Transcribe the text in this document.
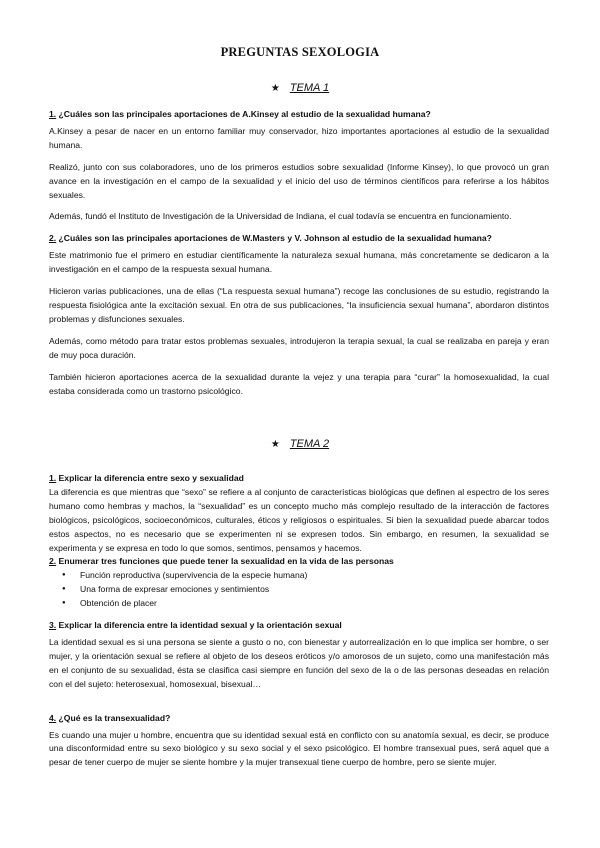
PREGUNTAS SEXOLOGIA
★ TEMA 1

1. ¿Cuáles son las principales aportaciones de A.Kinsey al estudio de la sexualidad humana?

A.Kinsey a pesar de nacer en un entorno familiar muy conservador, hizo importantes aportaciones al estudio de la sexualidad humana.

Realizó, junto con sus colaboradores, uno de los primeros estudios sobre sexualidad (Informe Kinsey), lo que provocó un gran avance en la investigación en el campo de la sexualidad y el inicio del uso de términos científicos para referirse a los hábitos sexuales.

Además, fundó el Instituto de Investigación de la Universidad de Indiana, el cual todavía se encuentra en funcionamiento.

2. ¿Cuáles son las principales aportaciones de W.Masters y V. Johnson al estudio de la sexualidad humana?

Este matrimonio fue el primero en estudiar científicamente la naturaleza sexual humana, más concretamente se dedicaron a la investigación en el campo de la respuesta sexual humana.

Hicieron varias publicaciones, una de ellas (“La respuesta sexual humana”) recoge las conclusiones de su estudio, registrando la respuesta fisiológica ante la excitación sexual. En otra de sus publicaciones, “la insuficiencia sexual humana”, abordaron distintos problemas y disfunciones sexuales.

Además, como método para tratar estos problemas sexuales, introdujeron la terapia sexual, la cual se realizaba en pareja y eran de muy poca duración.

También hicieron aportaciones acerca de la sexualidad durante la vejez y una terapia para “curar” la homosexualidad, la cual estaba considerada como un trastorno psicológico.

★ TEMA 2

1. Explicar la diferencia entre sexo y sexualidad

La diferencia es que mientras que “sexo” se refiere a al conjunto de características biológicas que definen al espectro de los seres humano como hembras y machos, la “sexualidad” es un concepto mucho más complejo resultado de la interacción de factores biológicos, psicológicos, socioeconómicos, culturales, éticos y religiosos o espirituales. Si bien la sexualidad puede abarcar todos estos aspectos, no es necesario que se experimenten ni se expresen todos. Sin embargo, en resumen, la sexualidad se experimenta y se expresa en todo lo que somos, sentimos, pensamos y hacemos.

2. Enumerar tres funciones que puede tener la sexualidad en la vida de las personas

● Función reproductiva (supervivencia de la especie humana)
● Una forma de expresar emociones y sentimientos
● Obtención de placer

3. Explicar la diferencia entre la identidad sexual y la orientación sexual

La identidad sexual es si una persona se siente a gusto o no, con bienestar y autorrealización en lo que implica ser hombre, o ser mujer, y la orientación sexual se refiere al objeto de los deseos eróticos y/o amorosos de un sujeto, como una manifestación más en el conjunto de su sexualidad, ésta se clasifica casi siempre en función del sexo de la o de las personas deseadas en relación con el del sujeto: heterosexual, homosexual, bisexual…

4. ¿Qué es la transexualidad?

Es cuando una mujer u hombre, encuentra que su identidad sexual está en conflicto con su anatomía sexual, es decir, se produce una disconformidad entre su sexo biológico y su sexo social y el sexo psicológico. El hombre transexual pues, será aquel que a pesar de tener cuerpo de mujer se siente hombre y la mujer transexual tiene cuerpo de hombre, pero se siente mujer.
